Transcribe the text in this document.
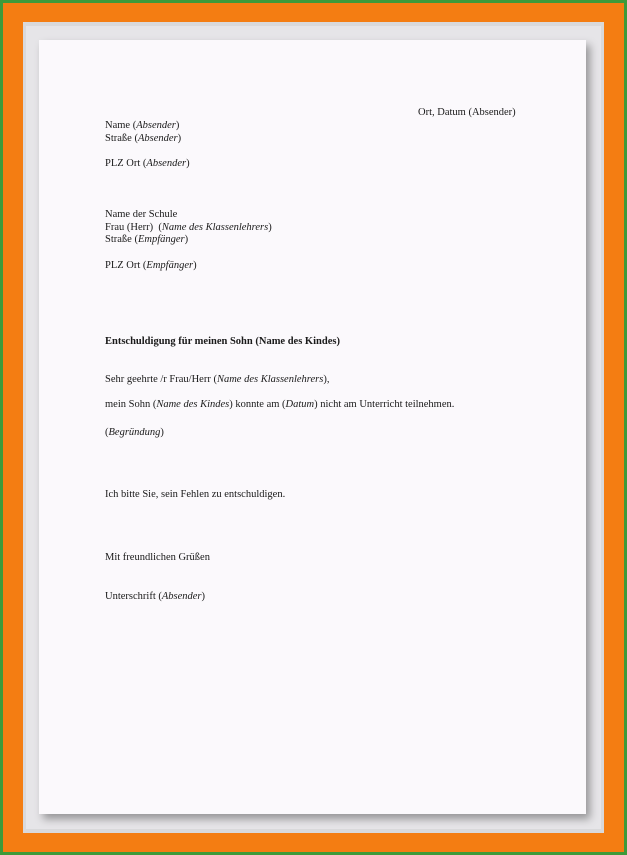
Ort, Datum (Absender)
Name (Absender)
Straße (Absender)
PLZ Ort (Absender)
Name der Schule
Frau (Herr)  (Name des Klassenlehrers)
Straße (Empfänger)
PLZ Ort (Empfänger)
Entschuldigung für meinen Sohn (Name des Kindes)
Sehr geehrte /r Frau/Herr (Name des Klassenlehrers),
mein Sohn (Name des Kindes) konnte am (Datum) nicht am Unterricht teilnehmen.
(Begründung)
Ich bitte Sie, sein Fehlen zu entschuldigen.
Mit freundlichen Grüßen
Unterschrift (Absender)
